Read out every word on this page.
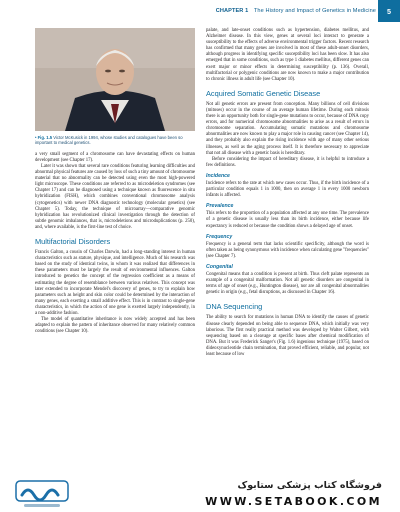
CHAPTER 1 The History and Impact of Genetics in Medicine	5
• Fig. 1.5 Victor McKusick in 1994, whose studies and catalogues have been so important to medical genetics.

a very small segment of a chromosome can have devastating effects on human development (see Chapter 17).

Later it was shown that several rare conditions featuring learning difficulties and abnormal physical features are caused by loss of such a tiny amount of chromosome material that no abnormality can be detected using even the most high-powered light microscope. These conditions are referred to as microdeletion syndromes (see Chapter 17) and can be diagnosed using a technique known as fluorescence in situ hybridization (FISH), which combines conventional chromosome analysis (cytogenetics) with newer DNA diagnostic technology (molecular genetics) (see Chapter 5). Today, the technique of microarray—comparative genomic hybridization has revolutionized clinical investigation through the detection of subtle genomic imbalances, that is, microdeletions and microduplications (p. 250), and, where available, is the first-line test of choice.

Multifactorial Disorders

Francis Galton, a cousin of Charles Darwin, had a long-standing interest in human characteristics such as stature, physique, and intelligence. Much of his research was based on the study of identical twins, in whom it was realized that differences in these parameters must be largely the result of environmental influences. Galton introduced to genetics the concept of the regression coefficient as a means of estimating the degree of resemblance between various relatives. This concept was later extended to incorporate Mendel's discovery of genes, to try to explain how parameters such as height and skin color could be determined by the interaction of many genes, each exerting a small additive effect. This is in contrast to single-gene characteristics, in which the action of one gene is exerted largely independently, in a non-additive fashion.

The model of quantitative inheritance is now widely accepted and has been adapted to explain the pattern of inheritance observed for many relatively common conditions (see Chapter 10).

palate, and late-onset conditions such as hypertension, diabetes mellitus, and Alzheimer disease. In this view, genes at several loci interact to generate a susceptibility to the effects of adverse environmental trigger factors. Recent research has confirmed that many genes are involved in most of these adult-onset disorders, although progress in identifying specific susceptibility loci has been slow. It has also emerged that in some conditions, such as type 1 diabetes mellitus, different genes can exert major or minor effects in determining susceptibility (p. 136). Overall, multifactorial or polygenic conditions are now known to make a major contribution to chronic illness in adult life (see Chapter 10).

Acquired Somatic Genetic Disease

Not all genetic errors are present from conception. Many billions of cell divisions (mitoses) occur in the course of an average human lifetime. During each mitosis there is an opportunity both for single-gene mutations to occur, because of DNA copy errors, and for numerical chromosome abnormalities to arise as a result of errors in chromosome separation. Accumulating somatic mutations and chromosome abnormalities are now known to play a major role in causing cancer (see Chapter 14), and they probably also explain the rising incidence with age of many other serious illnesses, as well as the aging process itself. It is therefore necessary to appreciate that not all disease with a genetic basis is hereditary.

Before considering the impact of hereditary disease, it is helpful to introduce a few definitions.

Incidence

Incidence refers to the rate at which new cases occur. Thus, if the birth incidence of a particular condition equals 1 in 1000, then on average 1 in every 1000 newborn infants is affected.

Prevalence

This refers to the proportion of a population affected at any one time. The prevalence of a genetic disease is usually less than its birth incidence, either because life expectancy is reduced or because the condition shows a delayed age of onset.

Frequency

Frequency is a general term that lacks scientific specificity, although the word is often taken as being synonymous with incidence when calculating gene "frequencies" (see Chapter 7).

Congenital

Congenital means that a condition is present at birth. Thus cleft palate represents an example of a congenital malformation. Not all genetic disorders are congenital in terms of age of onset (e.g., Huntington disease), nor are all congenital abnormalities genetic in origin (e.g., fetal disruptions, as discussed in Chapter 16).

DNA Sequencing

The ability to search for mutations in human DNA to identify the causes of genetic disease clearly depended on being able to sequence DNA, which initially was very laborious. The first really practical method was developed by Walter Gilbert, with sequencing based on a cleavage at specific bases after chemical modification of DNA. But it was Frederick Sanger's (Fig. 1.6) ingenious technique (1975), based on dideoxynucleotide chain termination, that proved efficient, reliable, and popular, not least because of low

فروشگاه کتاب پزشکی ستابوک
WWW.SETABOOK.COM
